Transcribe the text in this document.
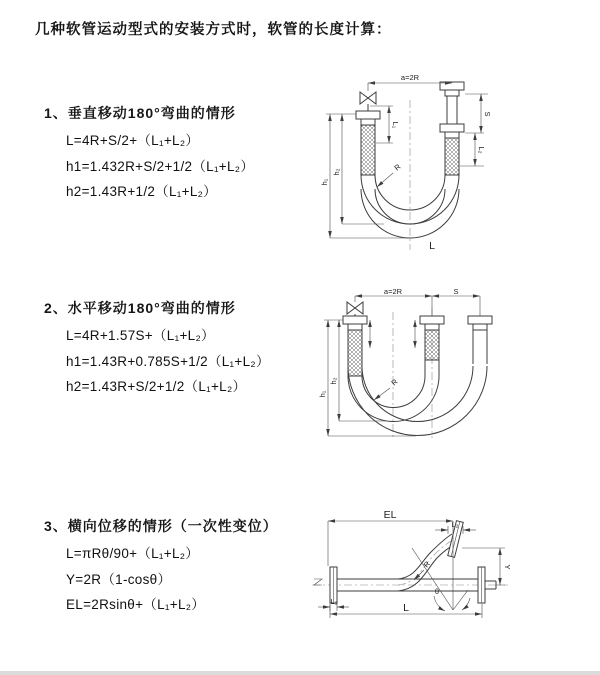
几种软管运动型式的安装方式时，软管的长度计算：
1、垂直移动180°弯曲的情形
L=4R+S/2+（L₁+L₂）
h1=1.432R+S/2+1/2（L₁+L₂）
h2=1.43R+1/2（L₁+L₂）
2、水平移动180°弯曲的情形
L=4R+1.57S+（L₁+L₂）
h1=1.43R+0.785S+1/2（L₁+L₂）
h2=1.43R+S/2+1/2（L₁+L₂）
3、横向位移的情形（一次性变位）
L=πRθ/90+（L₁+L₂）
Y=2R（1-cosθ）
EL=2Rsinθ+（L₁+L₂）
a=2R
S
L₂
L₁
h₂
h₁
R
L
a=2R	S
h₂
h₁
R
θ
R
EL
L₂
Y
L
L₁
